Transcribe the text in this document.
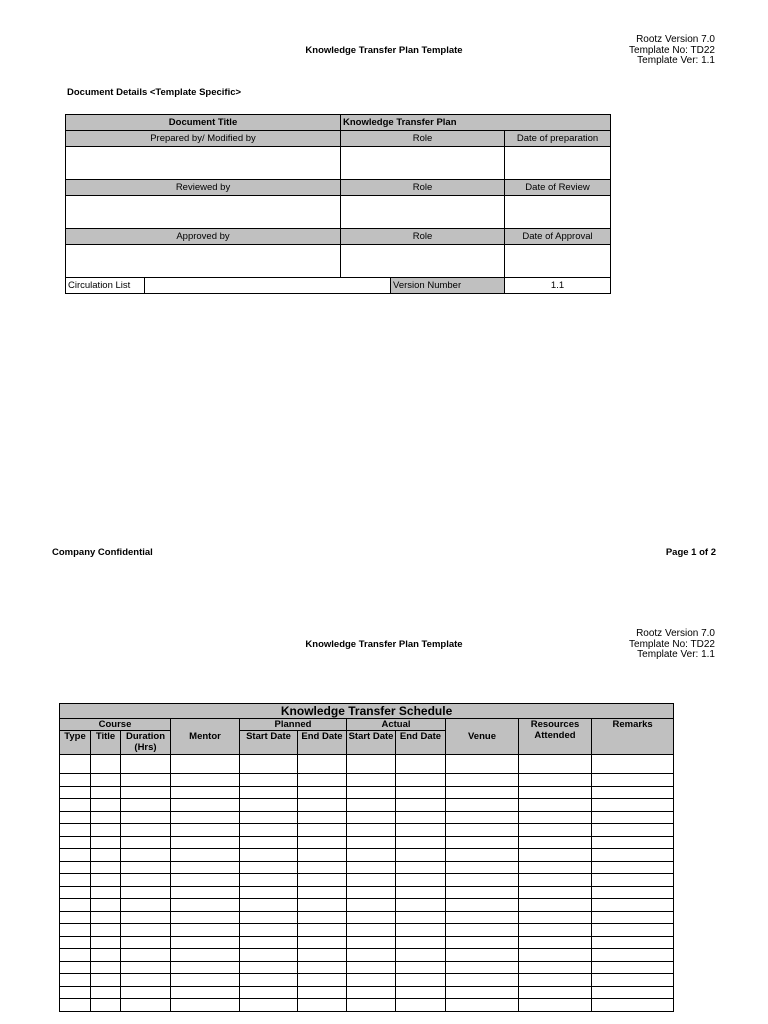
Rootz Version 7.0
Template No: TD22
Template Ver: 1.1
Knowledge Transfer Plan Template
Document Details <Template Specific>
Document Title		Knowledge Transfer Plan		
Prepared by/ Modified by		Role		Date of preparation

Reviewed by		Role		Date of Review

Approved by		Role		Date of Approval

Circulation List			Version Number	1.1
Company Confidential	Page 1 of 2
Rootz Version 7.0
Template No: TD22
Template Ver: 1.1
Knowledge Transfer Plan Template
Knowledge Transfer Schedule										
Course			Mentor	Planned		Actual		Venue	Resources Attended	Remarks
Type	Title	Duration (Hrs)		Start Date	End Date	Start Date	End Date			
